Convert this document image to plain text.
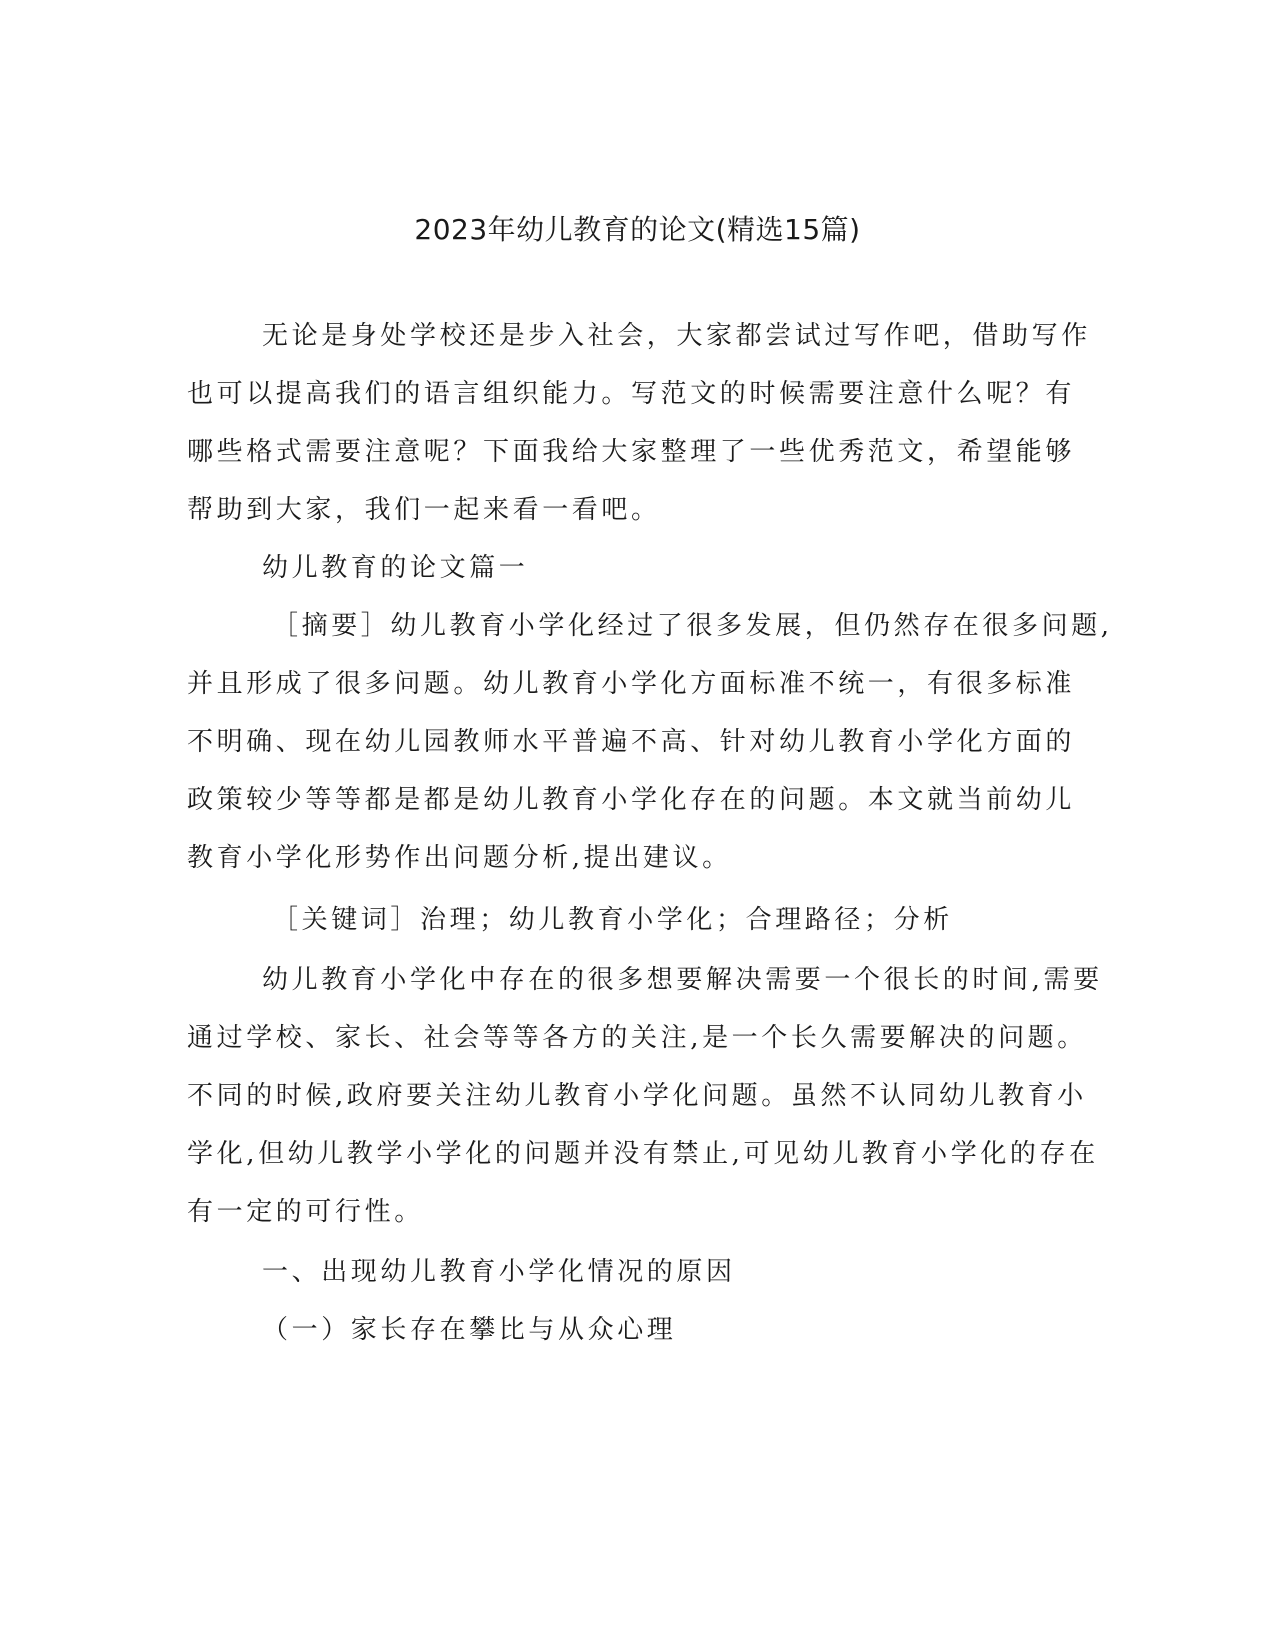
2023年幼儿教育的论文(精选15篇)
无论是身处学校还是步入社会，大家都尝试过写作吧，借助写作
也可以提高我们的语言组织能力。写范文的时候需要注意什么呢？有
哪些格式需要注意呢？下面我给大家整理了一些优秀范文，希望能够
帮助到大家，我们一起来看一看吧。
幼儿教育的论文篇一
［摘要］幼儿教育小学化经过了很多发展，但仍然存在很多问题,
并且形成了很多问题。幼儿教育小学化方面标准不统一，有很多标准
不明确、现在幼儿园教师水平普遍不高、针对幼儿教育小学化方面的
政策较少等等都是都是幼儿教育小学化存在的问题。本文就当前幼儿
教育小学化形势作出问题分析,提出建议。
［关键词］治理；幼儿教育小学化；合理路径；分析
幼儿教育小学化中存在的很多想要解决需要一个很长的时间,需要
通过学校、家长、社会等等各方的关注,是一个长久需要解决的问题。
不同的时候,政府要关注幼儿教育小学化问题。虽然不认同幼儿教育小
学化,但幼儿教学小学化的问题并没有禁止,可见幼儿教育小学化的存在
有一定的可行性。
一、出现幼儿教育小学化情况的原因
（一）家长存在攀比与从众心理
